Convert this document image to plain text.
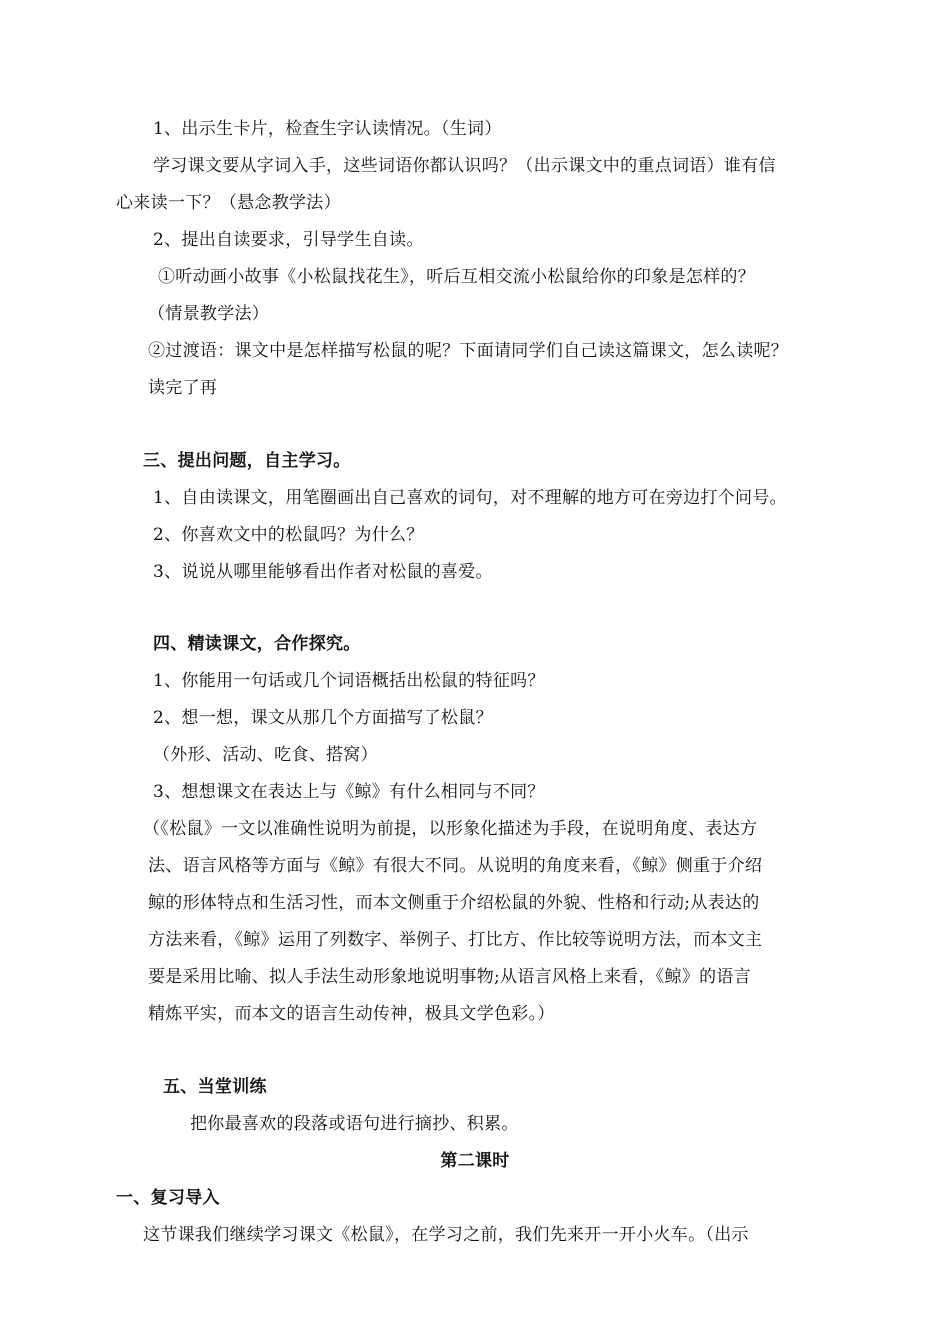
1、出示生卡片，检查生字认读情况。（生词）
学习课文要从字词入手，这些词语你都认识吗？（出示课文中的重点词语）谁有信
心来读一下？（悬念教学法）
2、提出自读要求，引导学生自读。
①听动画小故事《小松鼠找花生》，听后互相交流小松鼠给你的印象是怎样的？
（情景教学法）
②过渡语：课文中是怎样描写松鼠的呢？下面请同学们自己读这篇课文，怎么读呢？
读完了再
三、提出问题，自主学习。
1、自由读课文，用笔圈画出自己喜欢的词句，对不理解的地方可在旁边打个问号。
2、你喜欢文中的松鼠吗？为什么？
3、说说从哪里能够看出作者对松鼠的喜爱。
四、精读课文，合作探究。
1、你能用一句话或几个词语概括出松鼠的特征吗？
2、想一想，课文从那几个方面描写了松鼠？
（外形、活动、吃食、搭窝）
3、想想课文在表达上与《鲸》有什么相同与不同？
（《松鼠》一文以准确性说明为前提，以形象化描述为手段，在说明角度、表达方
法、语言风格等方面与《鲸》有很大不同。从说明的角度来看，《鲸》侧重于介绍
鲸的形体特点和生活习性，而本文侧重于介绍松鼠的外貌、性格和行动;从表达的
方法来看，《鲸》运用了列数字、举例子、打比方、作比较等说明方法，而本文主
要是采用比喻、拟人手法生动形象地说明事物;从语言风格上来看，《鲸》的语言
精炼平实，而本文的语言生动传神，极具文学色彩。）
五、当堂训练
把你最喜欢的段落或语句进行摘抄、积累。
第二课时
一、复习导入
这节课我们继续学习课文《松鼠》，在学习之前，我们先来开一开小火车。（出示
